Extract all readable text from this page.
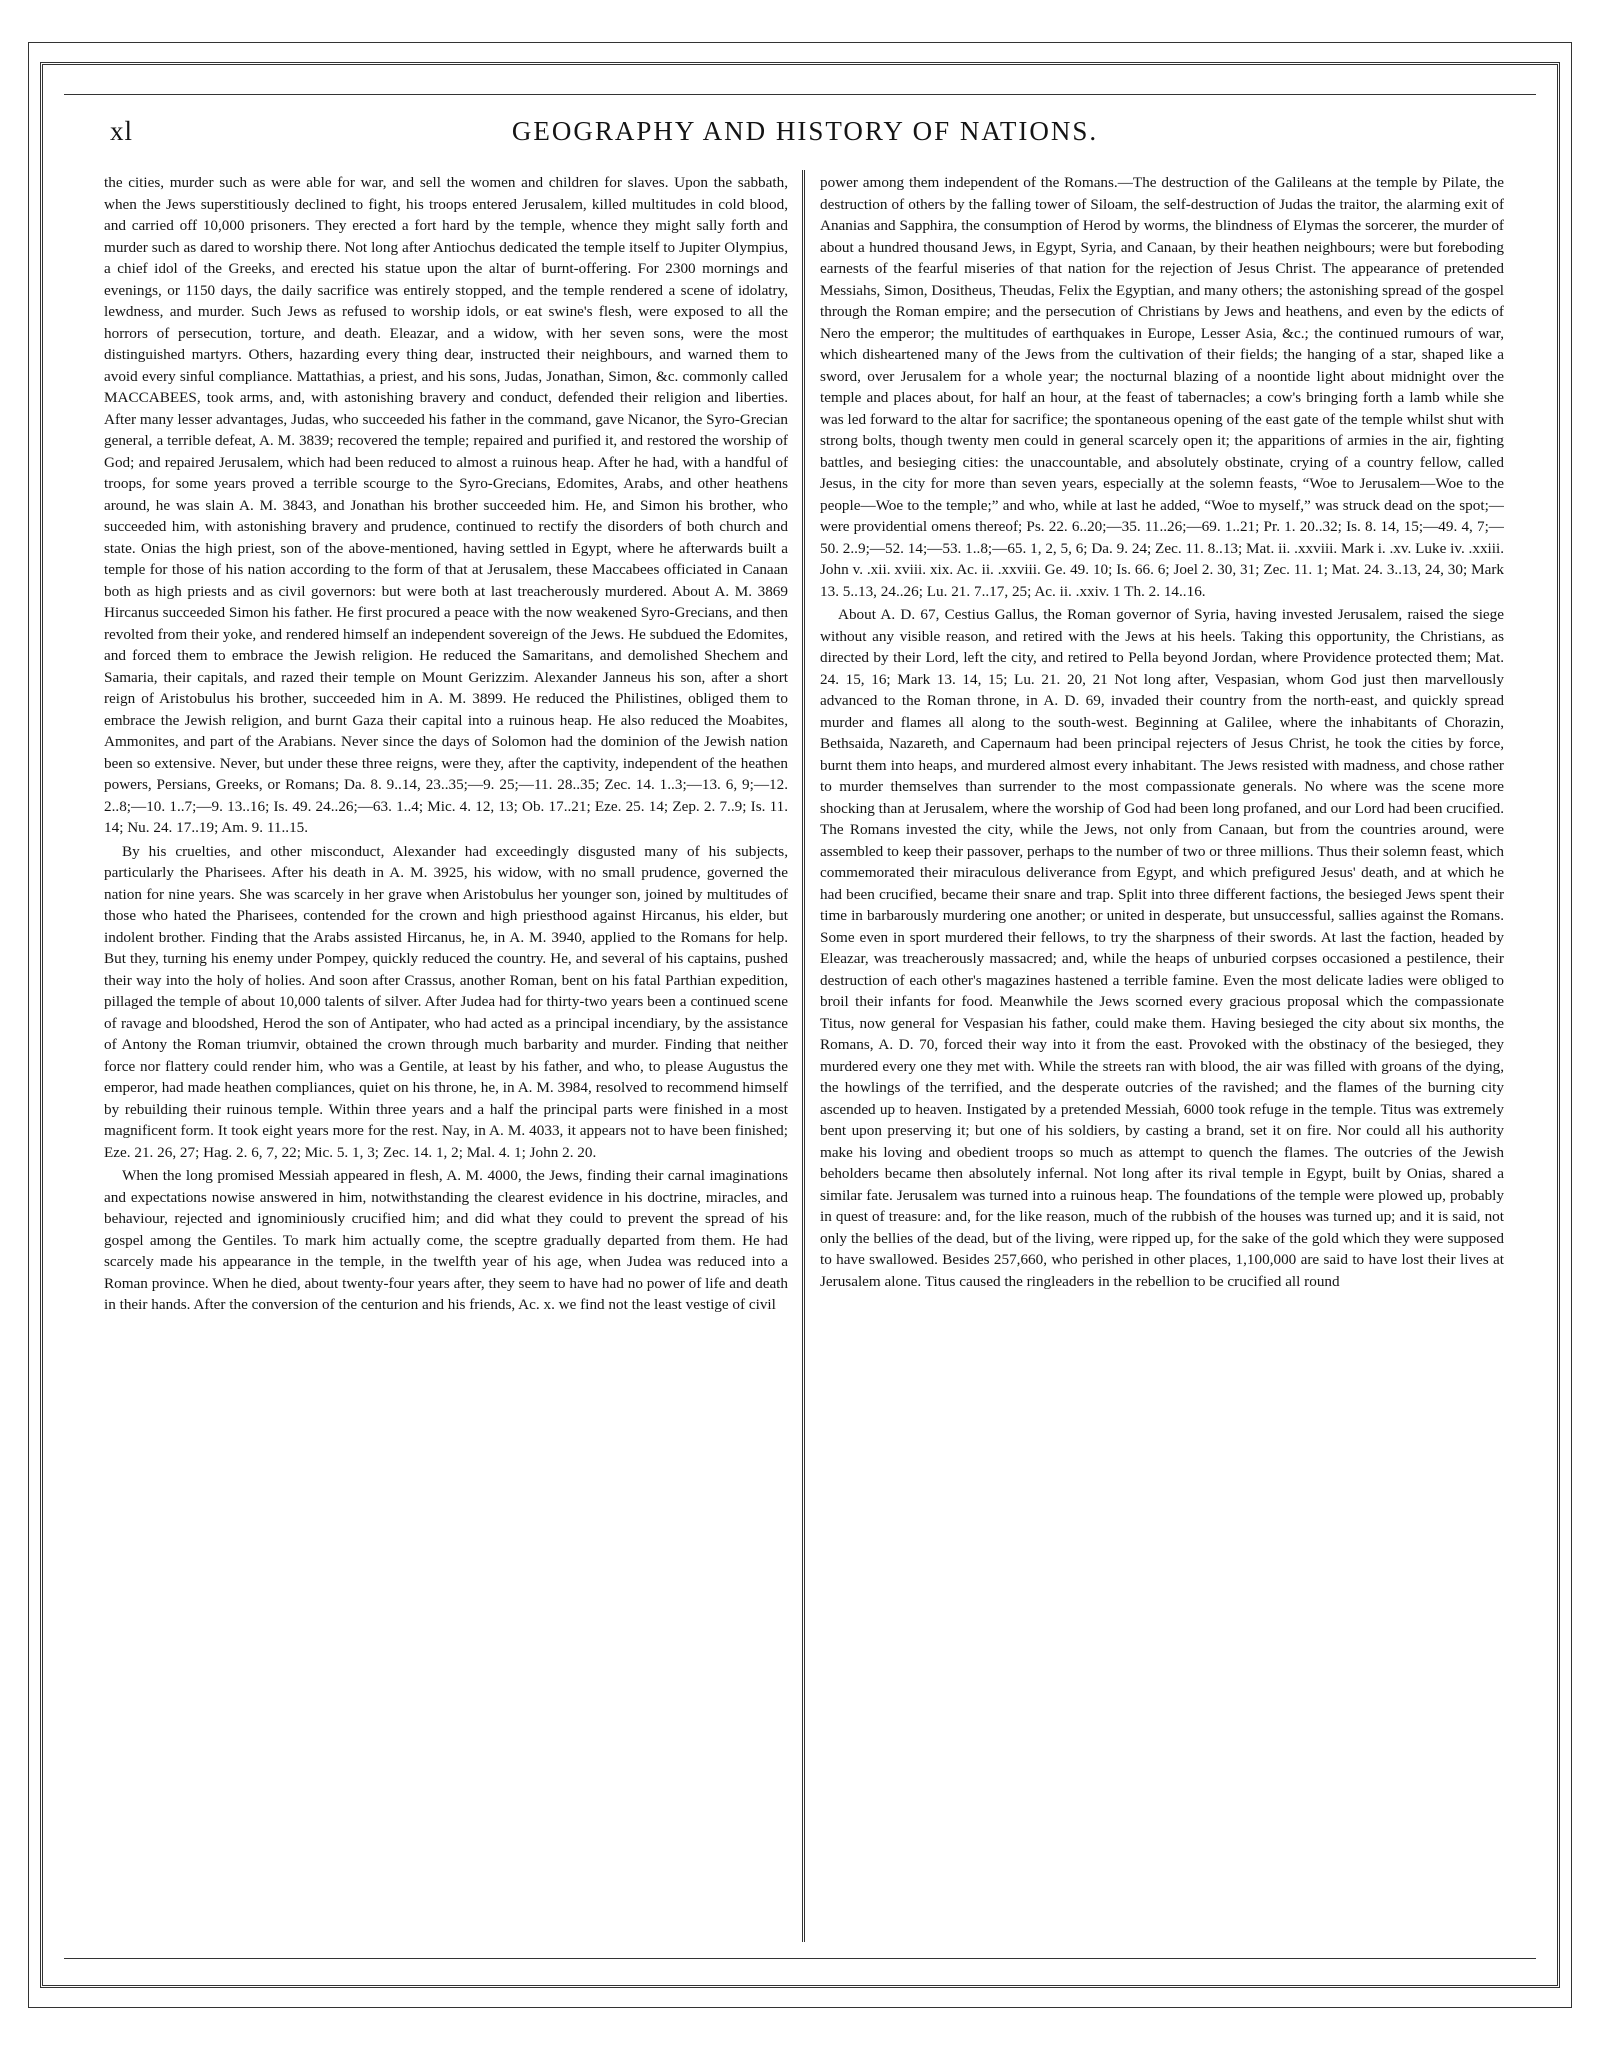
xl	GEOGRAPHY AND HISTORY OF NATIONS.

the cities, murder such as were able for war, and sell the women and children for slaves. Upon the sabbath, when the Jews superstitiously declined to fight, his troops entered Jerusalem, killed multitudes in cold blood, and carried off 10,000 prisoners. They erected a fort hard by the temple, whence they might sally forth and murder such as dared to worship there. Not long after Antiochus dedicated the temple itself to Jupiter Olympius, a chief idol of the Greeks, and erected his statue upon the altar of burnt-offering. For 2300 mornings and evenings, or 1150 days, the daily sacrifice was entirely stopped, and the temple rendered a scene of idolatry, lewdness, and murder. Such Jews as refused to worship idols, or eat swine's flesh, were exposed to all the horrors of persecution, torture, and death. Eleazar, and a widow, with her seven sons, were the most distinguished martyrs. Others, hazarding every thing dear, instructed their neighbours, and warned them to avoid every sinful compliance. Mattathias, a priest, and his sons, Judas, Jonathan, Simon, &c. commonly called MACCABEES, took arms, and, with astonishing bravery and conduct, defended their religion and liberties. After many lesser advantages, Judas, who succeeded his father in the command, gave Nicanor, the Syro-Grecian general, a terrible defeat, A. M. 3839; recovered the temple; repaired and purified it, and restored the worship of God; and repaired Jerusalem, which had been reduced to almost a ruinous heap. After he had, with a handful of troops, for some years proved a terrible scourge to the Syro-Grecians, Edomites, Arabs, and other heathens around, he was slain A. M. 3843, and Jonathan his brother succeeded him. He, and Simon his brother, who succeeded him, with astonishing bravery and prudence, continued to rectify the disorders of both church and state. Onias the high priest, son of the above-mentioned, having settled in Egypt, where he afterwards built a temple for those of his nation according to the form of that at Jerusalem, these Maccabees officiated in Canaan both as high priests and as civil governors: but were both at last treacherously murdered. About A. M. 3869 Hircanus succeeded Simon his father. He first procured a peace with the now weakened Syro-Grecians, and then revolted from their yoke, and rendered himself an independent sovereign of the Jews. He subdued the Edomites, and forced them to embrace the Jewish religion. He reduced the Samaritans, and demolished Shechem and Samaria, their capitals, and razed their temple on Mount Gerizzim. Alexander Janneus his son, after a short reign of Aristobulus his brother, succeeded him in A. M. 3899. He reduced the Philistines, obliged them to embrace the Jewish religion, and burnt Gaza their capital into a ruinous heap. He also reduced the Moabites, Ammonites, and part of the Arabians. Never since the days of Solomon had the dominion of the Jewish nation been so extensive. Never, but under these three reigns, were they, after the captivity, independent of the heathen powers, Persians, Greeks, or Romans; Da. 8. 9..14, 23..35;—9. 25;—11. 28..35; Zec. 14. 1..3;—13. 6, 9;—12. 2..8;—10. 1..7;—9. 13..16; Is. 49. 24..26;—63. 1..4; Mic. 4. 12, 13; Ob. 17..21; Eze. 25. 14; Zep. 2. 7..9; Is. 11. 14; Nu. 24. 17..19; Am. 9. 11..15.

By his cruelties, and other misconduct, Alexander had exceedingly disgusted many of his subjects, particularly the Pharisees. After his death in A. M. 3925, his widow, with no small prudence, governed the nation for nine years. She was scarcely in her grave when Aristobulus her younger son, joined by multitudes of those who hated the Pharisees, contended for the crown and high priesthood against Hircanus, his elder, but indolent brother. Finding that the Arabs assisted Hircanus, he, in A. M. 3940, applied to the Romans for help. But they, turning his enemy under Pompey, quickly reduced the country. He, and several of his captains, pushed their way into the holy of holies. And soon after Crassus, another Roman, bent on his fatal Parthian expedition, pillaged the temple of about 10,000 talents of silver. After Judea had for thirty-two years been a continued scene of ravage and bloodshed, Herod the son of Antipater, who had acted as a principal incendiary, by the assistance of Antony the Roman triumvir, obtained the crown through much barbarity and murder. Finding that neither force nor flattery could render him, who was a Gentile, at least by his father, and who, to please Augustus the emperor, had made heathen compliances, quiet on his throne, he, in A. M. 3984, resolved to recommend himself by rebuilding their ruinous temple. Within three years and a half the principal parts were finished in a most magnificent form. It took eight years more for the rest. Nay, in A. M. 4033, it appears not to have been finished; Eze. 21. 26, 27; Hag. 2. 6, 7, 22; Mic. 5. 1, 3; Zec. 14. 1, 2; Mal. 4. 1; John 2. 20.

When the long promised Messiah appeared in flesh, A. M. 4000, the Jews, finding their carnal imaginations and expectations nowise answered in him, notwithstanding the clearest evidence in his doctrine, miracles, and behaviour, rejected and ignominiously crucified him; and did what they could to prevent the spread of his gospel among the Gentiles. To mark him actually come, the sceptre gradually departed from them. He had scarcely made his appearance in the temple, in the twelfth year of his age, when Judea was reduced into a Roman province. When he died, about twenty-four years after, they seem to have had no power of life and death in their hands. After the conversion of the centurion and his friends, Ac. x. we find not the least vestige of civil

power among them independent of the Romans.—The destruction of the Galileans at the temple by Pilate, the destruction of others by the falling tower of Siloam, the self-destruction of Judas the traitor, the alarming exit of Ananias and Sapphira, the consumption of Herod by worms, the blindness of Elymas the sorcerer, the murder of about a hundred thousand Jews, in Egypt, Syria, and Canaan, by their heathen neighbours; were but foreboding earnests of the fearful miseries of that nation for the rejection of Jesus Christ. The appearance of pretended Messiahs, Simon, Dositheus, Theudas, Felix the Egyptian, and many others; the astonishing spread of the gospel through the Roman empire; and the persecution of Christians by Jews and heathens, and even by the edicts of Nero the emperor; the multitudes of earthquakes in Europe, Lesser Asia, &c.; the continued rumours of war, which disheartened many of the Jews from the cultivation of their fields; the hanging of a star, shaped like a sword, over Jerusalem for a whole year; the nocturnal blazing of a noontide light about midnight over the temple and places about, for half an hour, at the feast of tabernacles; a cow's bringing forth a lamb while she was led forward to the altar for sacrifice; the spontaneous opening of the east gate of the temple whilst shut with strong bolts, though twenty men could in general scarcely open it; the apparitions of armies in the air, fighting battles, and besieging cities: the unaccountable, and absolutely obstinate, crying of a country fellow, called Jesus, in the city for more than seven years, especially at the solemn feasts, “Woe to Jerusalem—Woe to the people—Woe to the temple;” and who, while at last he added, “Woe to myself,” was struck dead on the spot;—were providential omens thereof; Ps. 22. 6..20;—35. 11..26;—69. 1..21; Pr. 1. 20..32; Is. 8. 14, 15;—49. 4, 7;—50. 2..9;—52. 14;—53. 1..8;—65. 1, 2, 5, 6; Da. 9. 24; Zec. 11. 8..13; Mat. ii. .xxviii. Mark i. .xv. Luke iv. .xxiii. John v. .xii. xviii. xix. Ac. ii. .xxviii. Ge. 49. 10; Is. 66. 6; Joel 2. 30, 31; Zec. 11. 1; Mat. 24. 3..13, 24, 30; Mark 13. 5..13, 24..26; Lu. 21. 7..17, 25; Ac. ii. .xxiv. 1 Th. 2. 14..16.

About A. D. 67, Cestius Gallus, the Roman governor of Syria, having invested Jerusalem, raised the siege without any visible reason, and retired with the Jews at his heels. Taking this opportunity, the Christians, as directed by their Lord, left the city, and retired to Pella beyond Jordan, where Providence protected them; Mat. 24. 15, 16; Mark 13. 14, 15; Lu. 21. 20, 21 Not long after, Vespasian, whom God just then marvellously advanced to the Roman throne, in A. D. 69, invaded their country from the north-east, and quickly spread murder and flames all along to the south-west. Beginning at Galilee, where the inhabitants of Chorazin, Bethsaida, Nazareth, and Capernaum had been principal rejecters of Jesus Christ, he took the cities by force, burnt them into heaps, and murdered almost every inhabitant. The Jews resisted with madness, and chose rather to murder themselves than surrender to the most compassionate generals. No where was the scene more shocking than at Jerusalem, where the worship of God had been long profaned, and our Lord had been crucified. The Romans invested the city, while the Jews, not only from Canaan, but from the countries around, were assembled to keep their passover, perhaps to the number of two or three millions. Thus their solemn feast, which commemorated their miraculous deliverance from Egypt, and which prefigured Jesus' death, and at which he had been crucified, became their snare and trap. Split into three different factions, the besieged Jews spent their time in barbarously murdering one another; or united in desperate, but unsuccessful, sallies against the Romans. Some even in sport murdered their fellows, to try the sharpness of their swords. At last the faction, headed by Eleazar, was treacherously massacred; and, while the heaps of unburied corpses occasioned a pestilence, their destruction of each other's magazines hastened a terrible famine. Even the most delicate ladies were obliged to broil their infants for food. Meanwhile the Jews scorned every gracious proposal which the compassionate Titus, now general for Vespasian his father, could make them. Having besieged the city about six months, the Romans, A. D. 70, forced their way into it from the east. Provoked with the obstinacy of the besieged, they murdered every one they met with. While the streets ran with blood, the air was filled with groans of the dying, the howlings of the terrified, and the desperate outcries of the ravished; and the flames of the burning city ascended up to heaven. Instigated by a pretended Messiah, 6000 took refuge in the temple. Titus was extremely bent upon preserving it; but one of his soldiers, by casting a brand, set it on fire. Nor could all his authority make his loving and obedient troops so much as attempt to quench the flames. The outcries of the Jewish beholders became then absolutely infernal. Not long after its rival temple in Egypt, built by Onias, shared a similar fate. Jerusalem was turned into a ruinous heap. The foundations of the temple were plowed up, probably in quest of treasure: and, for the like reason, much of the rubbish of the houses was turned up; and it is said, not only the bellies of the dead, but of the living, were ripped up, for the sake of the gold which they were supposed to have swallowed. Besides 257,660, who perished in other places, 1,100,000 are said to have lost their lives at Jerusalem alone. Titus caused the ringleaders in the rebellion to be crucified all round
